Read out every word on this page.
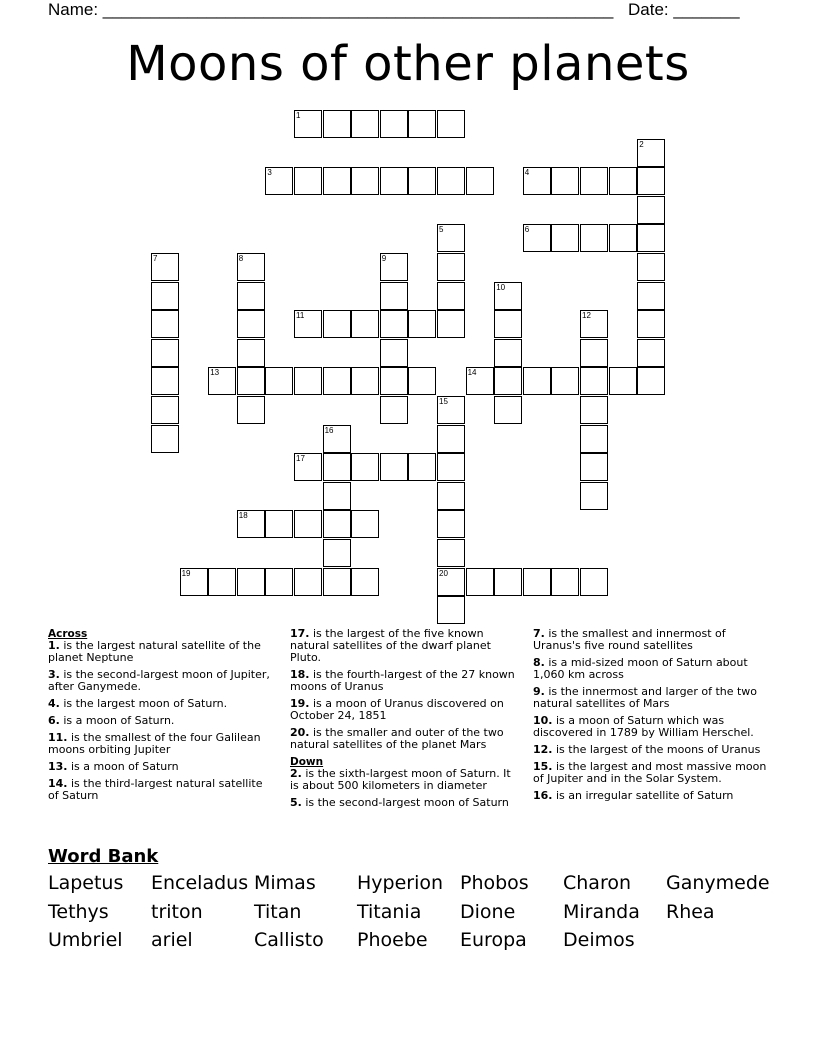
Name: ______________________________________________________ Date: _______
Moons of other planets
1
2
3	4
5	6
7	8	9
10
11	12
13	14
15
20
16
17
18
19
Across
1. is the largest natural satellite of the planet Neptune
3. is the second-largest moon of Jupiter, after Ganymede.
4. is the largest moon of Saturn.
6. is a moon of Saturn.
11. is the smallest of the four Galilean moons orbiting Jupiter
13. is a moon of Saturn
14. is the third-largest natural satellite of Saturn
17. is the largest of the five known natural satellites of the dwarf planet Pluto.
18. is the fourth-largest of the 27 known moons of Uranus
19. is a moon of Uranus discovered on October 24, 1851
20. is the smaller and outer of the two natural satellites of the planet Mars
Down
2. is the sixth-largest moon of Saturn. It is about 500 kilometers in diameter
5. is the second-largest moon of Saturn
7. is the smallest and innermost of Uranus's five round satellites
8. is a mid-sized moon of Saturn about 1,060 km across
9. is the innermost and larger of the two natural satellites of Mars
10. is a moon of Saturn which was discovered in 1789 by William Herschel.
12. is the largest of the moons of Uranus
15. is the largest and most massive moon of Jupiter and in the Solar System.
16. is an irregular satellite of Saturn
Word Bank
Lapetus Enceladus Mimas Hyperion Phobos Charon Ganymede
Tethys triton	Titan	Titania Dione	Miranda Rhea
Umbriel ariel	Callisto Phoebe Europa Deimos
